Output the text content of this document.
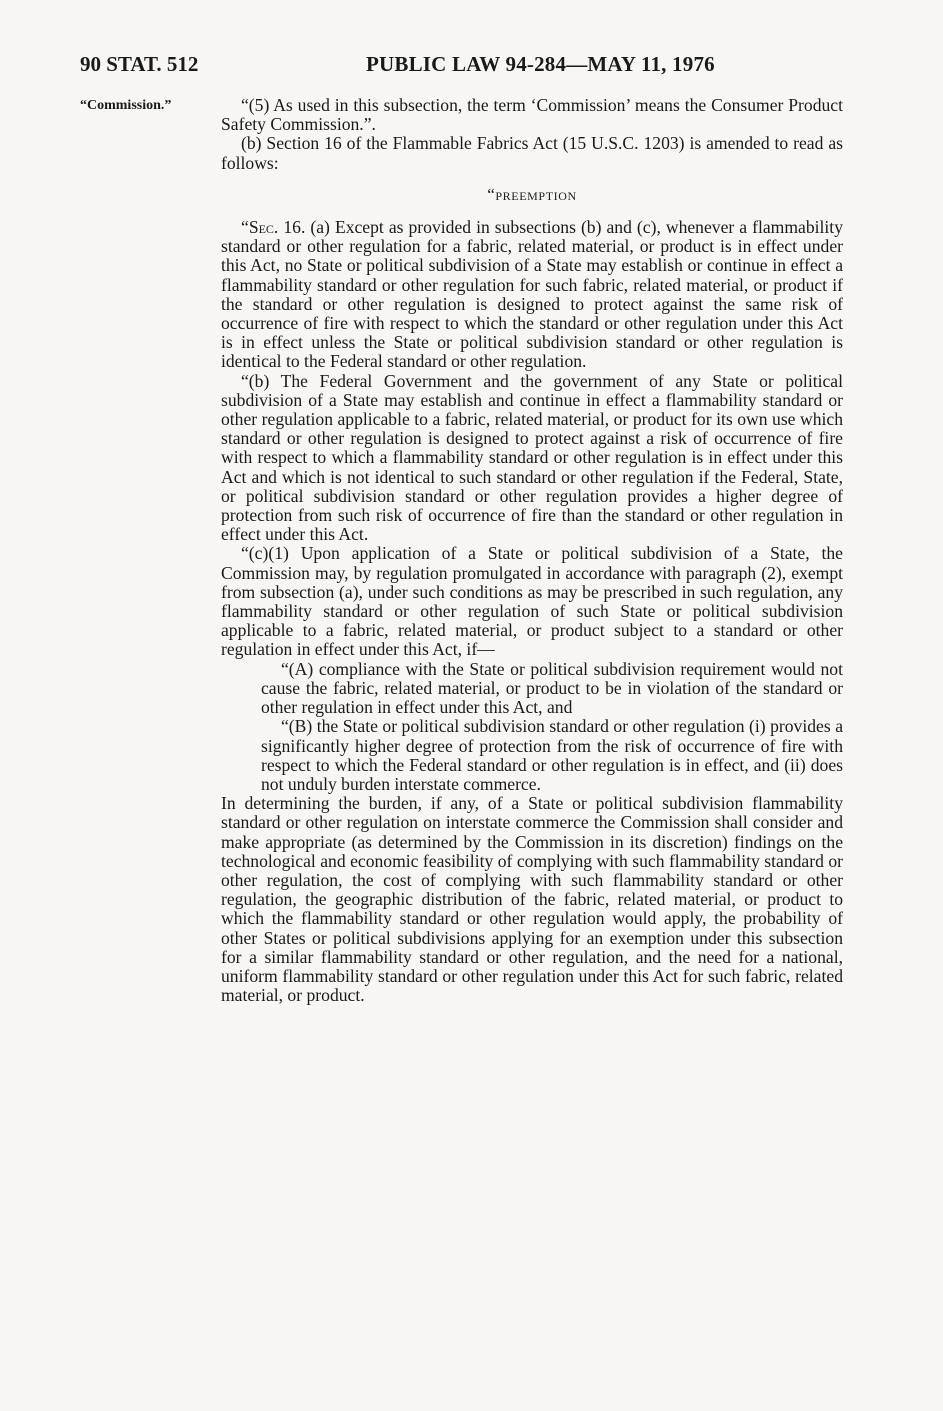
90 STAT. 512	PUBLIC LAW 94-284—MAY 11, 1976
“Commission.”	“(5) As used in this subsection, the term ‘Commission’ means the Consumer Product Safety Commission.”.

(b) Section 16 of the Flammable Fabrics Act (15 U.S.C. 1203) is amended to read as follows:

“PREEMPTION

“Sec. 16. (a) Except as provided in subsections (b) and (c), whenever a flammability standard or other regulation for a fabric, related material, or product is in effect under this Act, no State or political subdivision of a State may establish or continue in effect a flammability standard or other regulation for such fabric, related material, or product if the standard or other regulation is designed to protect against the same risk of occurrence of fire with respect to which the standard or other regulation under this Act is in effect unless the State or political subdivision standard or other regulation is identical to the Federal standard or other regulation.

“(b) The Federal Government and the government of any State or political subdivision of a State may establish and continue in effect a flammability standard or other regulation applicable to a fabric, related material, or product for its own use which standard or other regulation is designed to protect against a risk of occurrence of fire with respect to which a flammability standard or other regulation is in effect under this Act and which is not identical to such standard or other regulation if the Federal, State, or political subdivision standard or other regulation provides a higher degree of protection from such risk of occurrence of fire than the standard or other regulation in effect under this Act.

“(c)(1) Upon application of a State or political subdivision of a State, the Commission may, by regulation promulgated in accordance with paragraph (2), exempt from subsection (a), under such conditions as may be prescribed in such regulation, any flammability standard or other regulation of such State or political subdivision applicable to a fabric, related material, or product subject to a standard or other regulation in effect under this Act, if—

“(A) compliance with the State or political subdivision requirement would not cause the fabric, related material, or product to be in violation of the standard or other regulation in effect under this Act, and

“(B) the State or political subdivision standard or other regulation (i) provides a significantly higher degree of protection from the risk of occurrence of fire with respect to which the Federal standard or other regulation is in effect, and (ii) does not unduly burden interstate commerce.

In determining the burden, if any, of a State or political subdivision flammability standard or other regulation on interstate commerce the Commission shall consider and make appropriate (as determined by the Commission in its discretion) findings on the technological and economic feasibility of complying with such flammability standard or other regulation, the cost of complying with such flammability standard or other regulation, the geographic distribution of the fabric, related material, or product to which the flammability standard or other regulation would apply, the probability of other States or political subdivisions applying for an exemption under this subsection for a similar flammability standard or other regulation, and the need for a national, uniform flammability standard or other regulation under this Act for such fabric, related material, or product.
